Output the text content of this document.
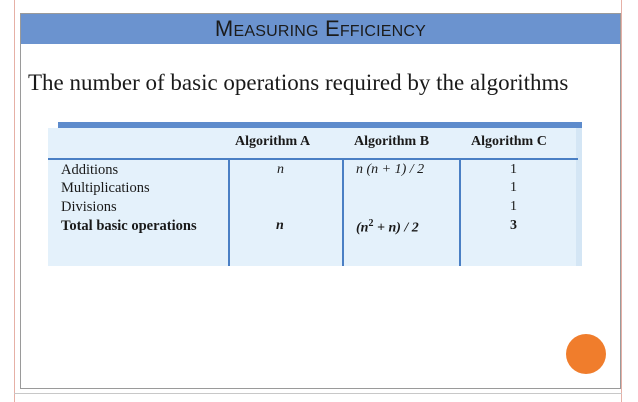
MEASURING EFFICIENCY
The number of basic operations required by the algorithms
Algorithm A	Algorithm B	Algorithm C
Additions
Multiplications
Divisions
Total basic operations
n
n
n (n + 1) / 2
$(n^2 + n) / 2$
1
1
1
3
